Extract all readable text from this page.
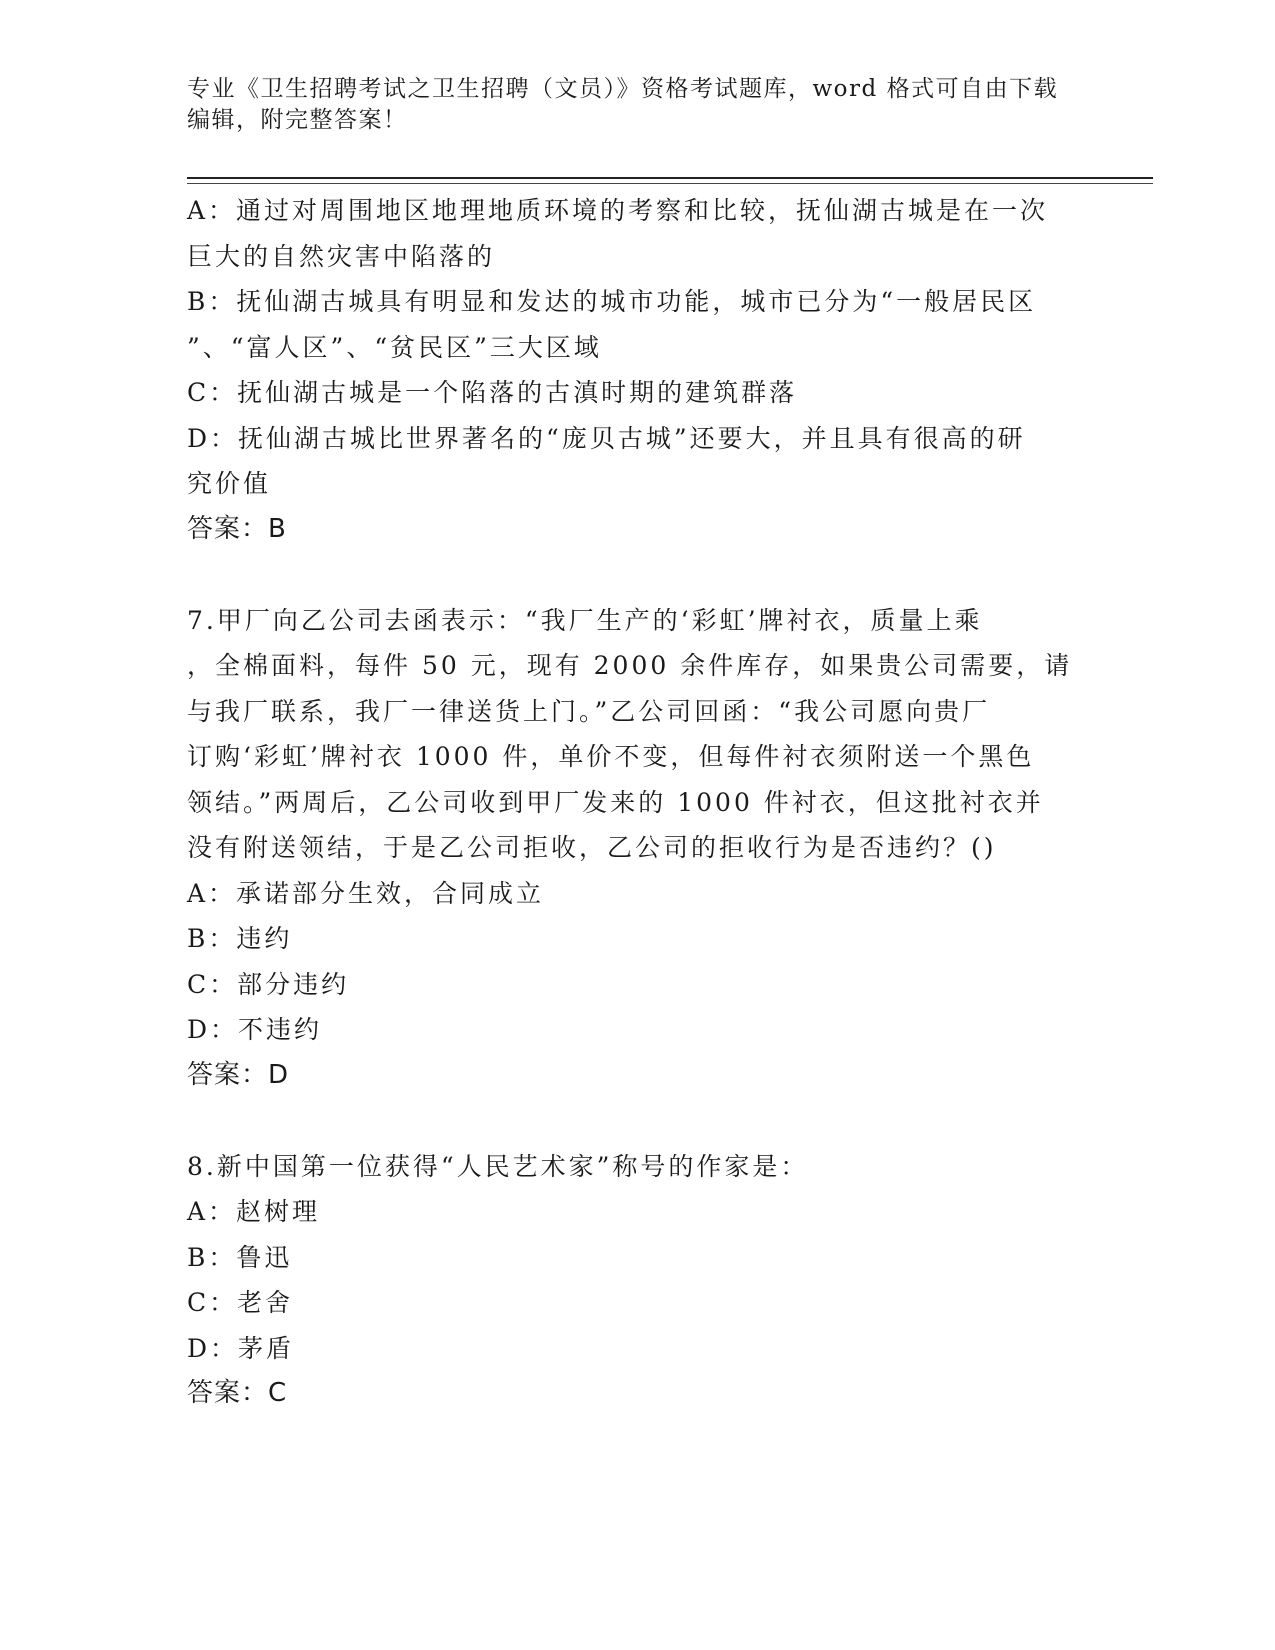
专业《卫生招聘考试之卫生招聘（文员）》资格考试题库，word 格式可自由下载
编辑，附完整答案！
A：通过对周围地区地理地质环境的考察和比较，抚仙湖古城是在一次
巨大的自然灾害中陷落的
B：抚仙湖古城具有明显和发达的城市功能，城市已分为“一般居民区
”、“富人区”、“贫民区”三大区域
C：抚仙湖古城是一个陷落的古滇时期的建筑群落
D：抚仙湖古城比世界著名的“庞贝古城”还要大，并且具有很高的研
究价值
答案：B
7.甲厂向乙公司去函表示：“我厂生产的‘彩虹’牌衬衣，质量上乘
，全棉面料，每件 50 元，现有 2000 余件库存，如果贵公司需要，请
与我厂联系，我厂一律送货上门。”乙公司回函：“我公司愿向贵厂
订购‘彩虹’牌衬衣 1000 件，单价不变，但每件衬衣须附送一个黑色
领结。”两周后，乙公司收到甲厂发来的 1000 件衬衣，但这批衬衣并
没有附送领结，于是乙公司拒收，乙公司的拒收行为是否违约？()
A：承诺部分生效，合同成立
B：违约
C：部分违约
D：不违约
答案：D
8.新中国第一位获得“人民艺术家”称号的作家是：
A：赵树理
B：鲁迅
C：老舍
D：茅盾
答案：C
